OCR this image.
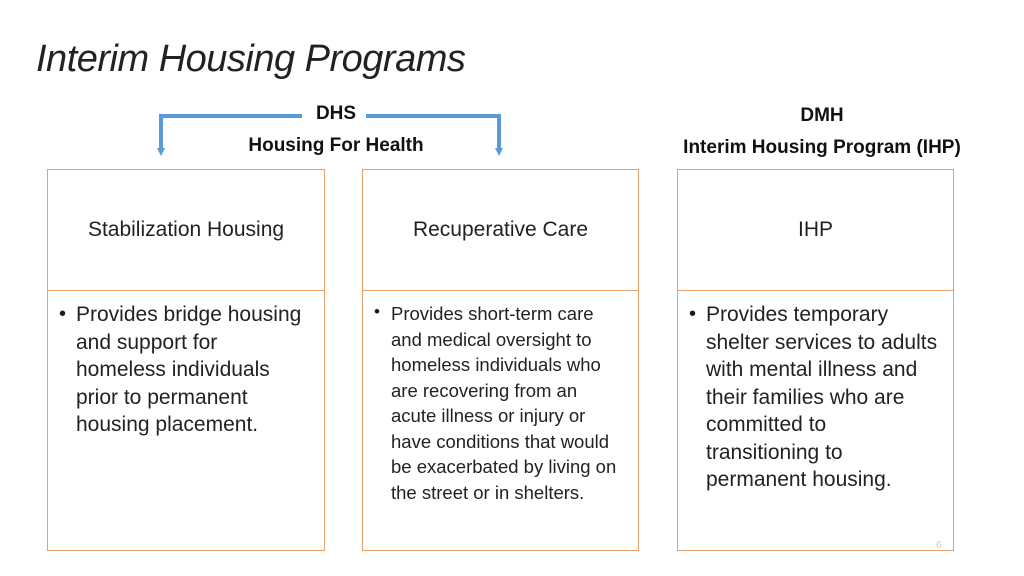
Interim Housing Programs
DHS
Housing For Health
DMH
Interim Housing Program (IHP)
Stabilization Housing
• Provides bridge housing and support for homeless individuals prior to permanent housing placement.
Recuperative Care
• Provides short-term care and medical oversight to homeless individuals who are recovering from an acute illness or injury or have conditions that would be exacerbated by living on the street or in shelters.
IHP
• Provides temporary shelter services to adults with mental illness and their families who are committed to transitioning to permanent housing.
6
